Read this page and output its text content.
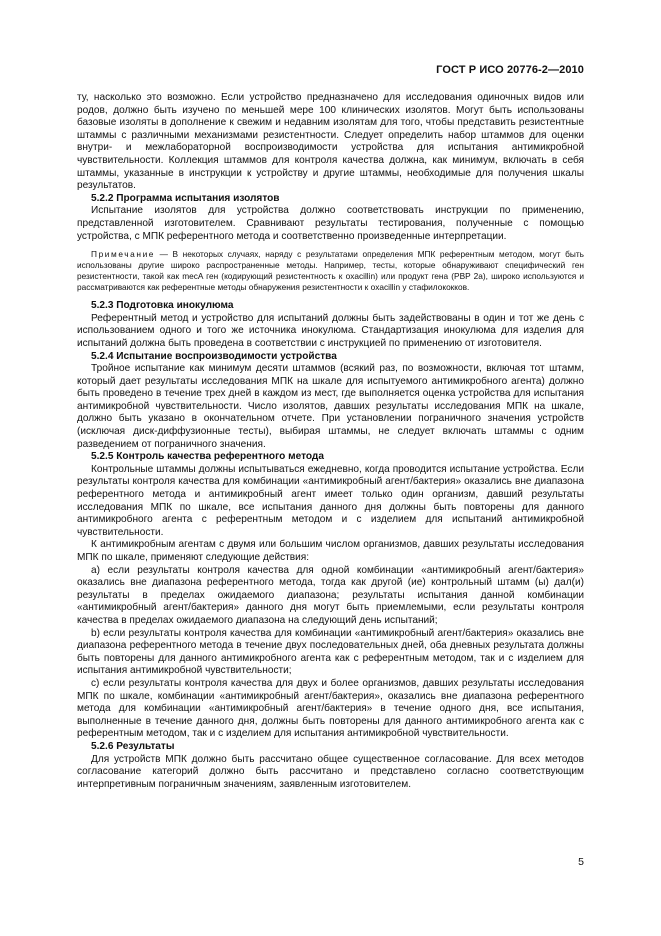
ГОСТ Р ИСО 20776-2—2010

ту, насколько это возможно. Если устройство предназначено для исследования одиночных видов или родов, должно быть изучено по меньшей мере 100 клинических изолятов. Могут быть использованы базовые изоляты в дополнение к свежим и недавним изолятам для того, чтобы представить резистентные штаммы с различными механизмами резистентности. Следует определить набор штаммов для оценки внутри- и межлабораторной воспроизводимости устройства для испытания антимикробной чувствительности. Коллекция штаммов для контроля качества должна, как минимум, включать в себя штаммы, указанные в инструкции к устройству и другие штаммы, необходимые для получения шкалы результатов.

5.2.2 Программа испытания изолятов

Испытание изолятов для устройства должно соответствовать инструкции по применению, представленной изготовителем. Сравнивают результаты тестирования, полученные с помощью устройства, с МПК референтного метода и соответственно произведенные интерпретации.

Примечание — В некоторых случаях, наряду с результатами определения МПК референтным методом, могут быть использованы другие широко распространенные методы. Например, тесты, которые обнаруживают специфический ген резистентности, такой как mecA ген (кодирующий резистентность к oxacillin) или продукт гена (PBP 2a), широко используются и рассматриваются как референтные методы обнаружения резистентности к oxacillin у стафилококков.
5.2.3 Подготовка инокулюма

Референтный метод и устройство для испытаний должны быть задействованы в один и тот же день с использованием одного и того же источника инокулюма. Стандартизация инокулюма для изделия для испытаний должна быть проведена в соответствии с инструкцией по применению от изготовителя.

5.2.4 Испытание воспроизводимости устройства

Тройное испытание как минимум десяти штаммов (всякий раз, по возможности, включая тот штамм, который дает результаты исследования МПК на шкале для испытуемого антимикробного агента) должно быть проведено в течение трех дней в каждом из мест, где выполняется оценка устройства для испытания антимикробной чувствительности. Число изолятов, давших результаты исследования МПК на шкале, должно быть указано в окончательном отчете. При установлении пограничного значения устройств (исключая диск-диффузионные тесты), выбирая штаммы, не следует включать штаммы с одним разведением от пограничного значения.

5.2.5 Контроль качества референтного метода

Контрольные штаммы должны испытываться ежедневно, когда проводится испытание устройства. Если результаты контроля качества для комбинации «антимикробный агент/бактерия» оказались вне диапазона референтного метода и антимикробный агент имеет только один организм, давший результаты исследования МПК по шкале, все испытания данного дня должны быть повторены для данного антимикробного агента с референтным методом и с изделием для испытаний антимикробной чувствительности.

К антимикробным агентам с двумя или большим числом организмов, давших результаты исследования МПК по шкале, применяют следующие действия:

a) если результаты контроля качества для одной комбинации «антимикробный агент/бактерия» оказались вне диапазона референтного метода, тогда как другой (ие) контрольный штамм (ы) дал(и) результаты в пределах ожидаемого диапазона; результаты испытания данной комбинации «антимикробный агент/бактерия» данного дня могут быть приемлемыми, если результаты контроля качества в пределах ожидаемого диапазона на следующий день испытаний;

b) если результаты контроля качества для комбинации «антимикробный агент/бактерия» оказались вне диапазона референтного метода в течение двух последовательных дней, оба дневных результата должны быть повторены для данного антимикробного агента как с референтным методом, так и с изделием для испытания антимикробной чувствительности;

c) если результаты контроля качества для двух и более организмов, давших результаты исследования МПК по шкале, комбинации «антимикробный агент/бактерия», оказались вне диапазона референтного метода для комбинации «антимикробный агент/бактерия» в течение одного дня, все испытания, выполненные в течение данного дня, должны быть повторены для данного антимикробного агента как с референтным методом, так и с изделием для испытания антимикробной чувствительности.

5.2.6 Результаты

Для устройств МПК должно быть рассчитано общее существенное согласование. Для всех методов согласование категорий должно быть рассчитано и представлено согласно соответствующим интерпретивным пограничным значениям, заявленным изготовителем.

5
